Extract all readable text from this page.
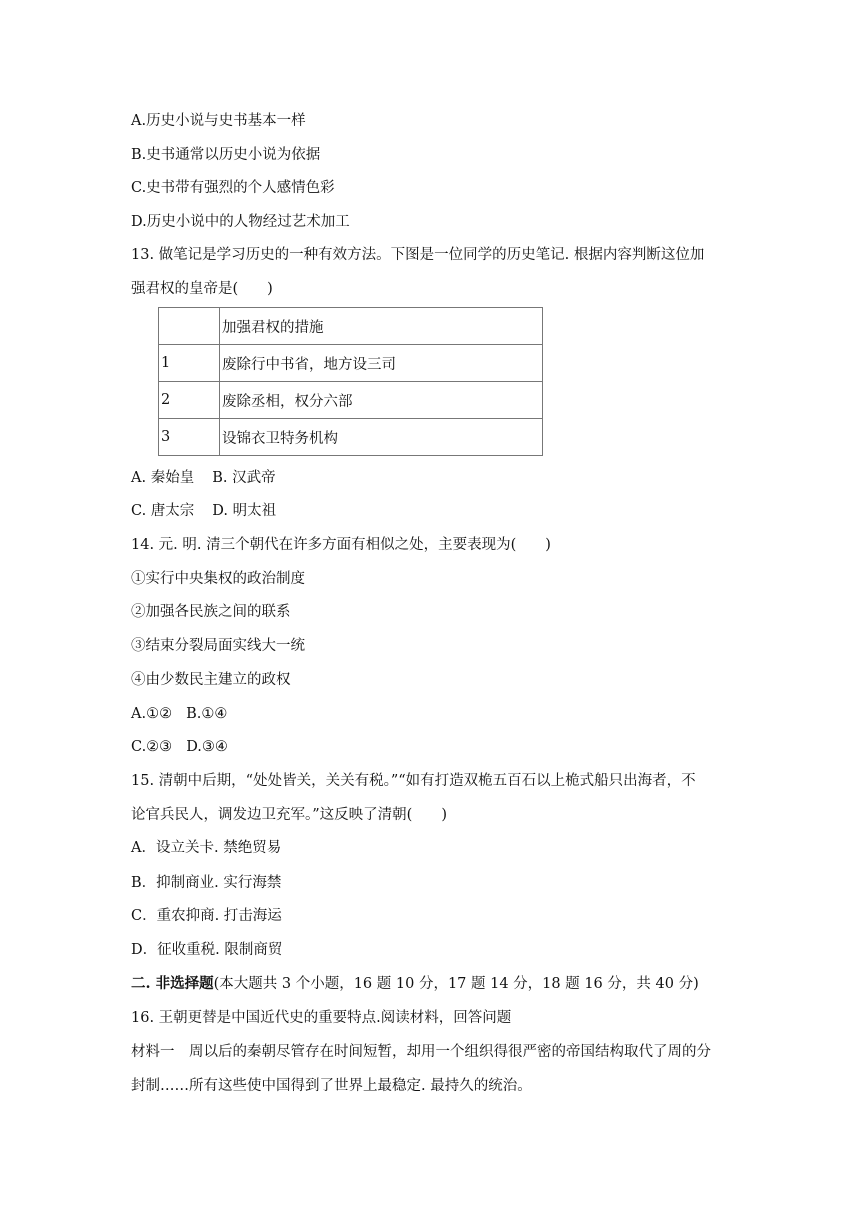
A.历史小说与史书基本一样
B.史书通常以历史小说为依据
C.史书带有强烈的个人感情色彩
D.历史小说中的人物经过艺术加工
13. 做笔记是学习历史的一种有效方法。下图是一位同学的历史笔记. 根据内容判断这位加
强君权的皇帝是(　　)
	加强君权的措施
1	废除行中书省，地方设三司
2	废除丞相，权分六部
3	设锦衣卫特务机构
A. 秦始皇 B. 汉武帝
C. 唐太宗 D. 明太祖
14. 元. 明. 清三个朝代在许多方面有相似之处，主要表现为(　　)
①实行中央集权的政治制度
②加强各民族之间的联系
③结束分裂局面实线大一统
④由少数民主建立的政权
A.①② B.①④
C.②③ D.③④
15. 清朝中后期，“处处皆关，关关有税。”“如有打造双桅五百石以上桅式船只出海者，不
论官兵民人，调发边卫充军。”这反映了清朝(　　)
A．设立关卡. 禁绝贸易
B．抑制商业. 实行海禁
C．重农抑商. 打击海运
D．征收重税. 限制商贸
二. 非选择题(本大题共 3 个小题，16 题 10 分，17 题 14 分，18 题 16 分，共 40 分)
16. 王朝更替是中国近代史的重要特点.阅读材料，回答问题
材料一　周以后的秦朝尽管存在时间短暂，却用一个组织得很严密的帝国结构取代了周的分
封制……所有这些使中国得到了世界上最稳定. 最持久的统治。
